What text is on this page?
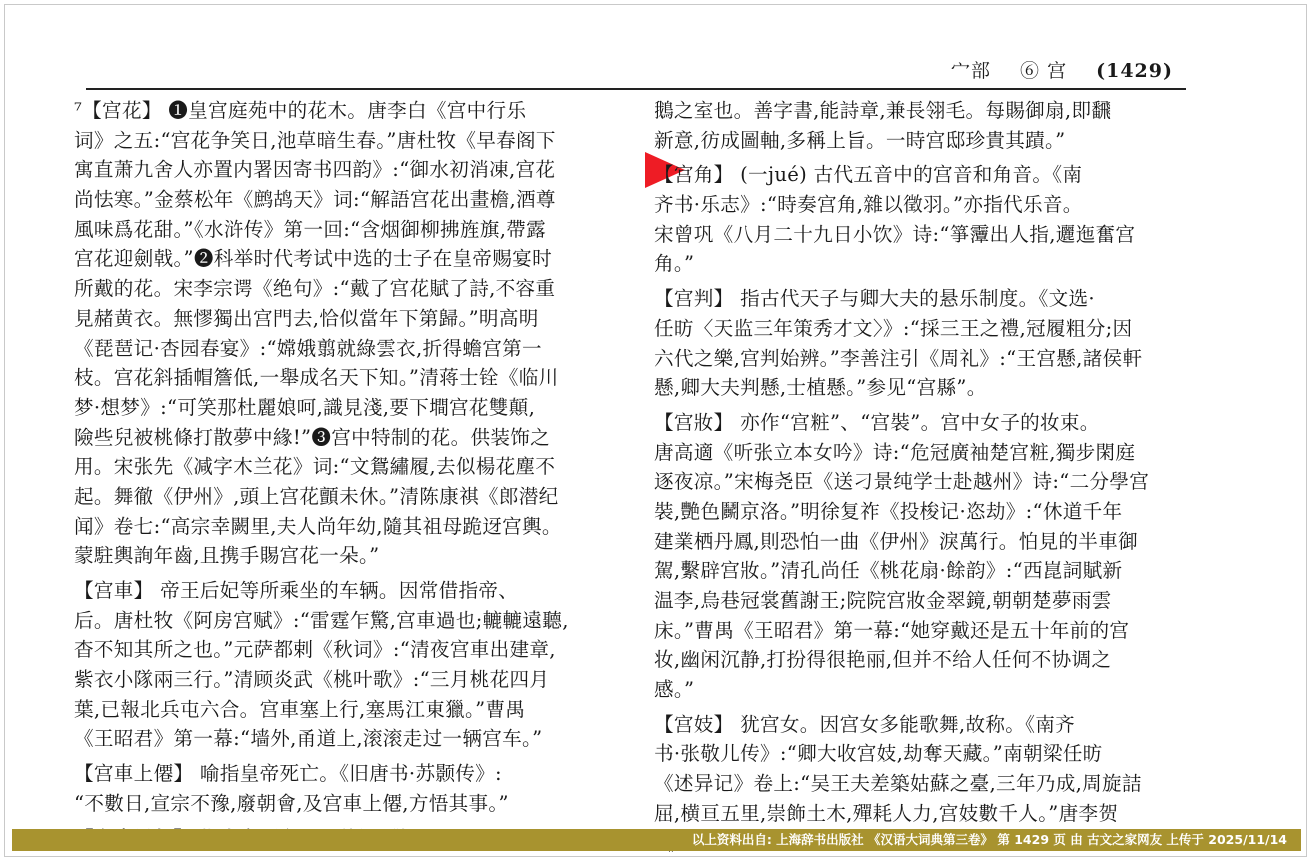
宀部 ⑥ 宫 (1429)
⁷【宫花】 ❶皇宫庭苑中的花木。唐李白《宫中行乐
词》之五:“宫花争笑日,池草暗生春。”唐杜牧《早春阁下
寓直萧九舍人亦置内署因寄书四韵》:“御水初消凍,宫花
尚怯寒。”金蔡松年《鹧鸪天》词:“解語宫花出畫檐,酒尊
風味爲花甜。”《水浒传》第一回:“含烟御柳拂旌旗,帶露
宫花迎劍戟。”❷科举时代考试中选的士子在皇帝赐宴时
所戴的花。宋李宗谔《绝句》:“戴了宫花賦了詩,不容重
見赭黄衣。無憀獨出宫門去,恰似當年下第歸。”明高明
《琵琶记·杏园春宴》:“嫦娥翦就綠雲衣,折得蟾宫第一
枝。宫花斜插帽簷低,一舉成名天下知。”清蒋士铨《临川
梦·想梦》:“可笑那杜麗娘呵,識見淺,要下墹宫花雙顛,
險些兒被桃條打散夢中緣!”❸宫中特制的花。供装饰之
用。宋张先《减字木兰花》词:“文鴛繡履,去似楊花塵不
起。舞徹《伊州》,頭上宫花顫未休。”清陈康祺《郎潜纪
闻》卷七:“高宗幸闕里,夫人尚年幼,隨其祖母跪迓宫輿。
蒙駐輿詢年齒,且携手賜宫花一朵。”
【宫車】 帝王后妃等所乘坐的车辆。因常借指帝、
后。唐杜牧《阿房宫赋》:“雷霆乍驚,宫車過也;轆轆遠聽,
杳不知其所之也。”元萨都剌《秋词》:“清夜宫車出建章,
紫衣小隊兩三行。”清顾炎武《桃叶歌》:“三月桃花四月
葉,已報北兵屯六合。宫車塞上行,塞馬江東獵。”曹禺
《王昭君》第一幕:“墙外,甬道上,滚滚走过一辆宫车。”
【宫車上僊】 喻指皇帝死亡。《旧唐书·苏颢传》:
“不數日,宣宗不豫,廢朝會,及宫車上僊,方悟其事。”
鵝之室也。善字書,能詩章,兼長翎毛。每賜御扇,即飜
新意,彷成圖軸,多稱上旨。一時宫邸珍貴其蹟。”
【宫角】 (一jué) 古代五音中的宫音和角音。《南
齐书·乐志》:“時奏宫角,雜以徵羽。”亦指代乐音。
宋曾巩《八月二十九日小饮》诗:“箏䨵出人指,邐迤奮宫
角。”
【宫判】 指古代天子与卿大夫的悬乐制度。《文选·
任昉〈天监三年策秀才文〉》:“採三王之禮,冠履粗分;因
六代之樂,宫判始辨。”李善注引《周礼》:“王宫懸,諸侯軒
懸,卿大夫判懸,士植懸。”参见“宫縣”。
【宫妝】 亦作“宫粧”、“宫裝”。宫中女子的妆束。
唐高適《听张立本女吟》诗:“危冠廣袖楚宫粧,獨步閑庭
逐夜凉。”宋梅尧臣《送刁景纯学士赴越州》诗:“二分學宫
裝,艷色鬭京洛。”明徐复祚《投梭记·恣劫》:“休道千年
建業栖丹鳳,則恐怕一曲《伊州》淚萬行。怕見的半車御
駕,繫辟宫妝。”清孔尚任《桃花扇·餘韵》:“西崑詞賦新
温李,烏巷冠裳舊謝王;院院宫妝金翠鏡,朝朝楚夢雨雲
床。”曹禺《王昭君》第一幕:“她穿戴还是五十年前的宫
妆,幽闲沉静,打扮得很艳丽,但并不给人任何不协调之
感。”
【宫妓】 犹宫女。因宫女多能歌舞,故称。《南齐
书·张敬儿传》:“卿大收宫妓,劫奪天藏。”南朝梁任昉
《述异记》卷上:“吴王夫差築姑蘇之臺,三年乃成,周旋詰
屈,横亘五里,崇飾土木,殫耗人力,宫妓數千人。”唐李贺
以上资料出自: 上海辞书出版社 《汉语大词典第三卷》 第 1429 页 由 古文之家网友 上传于 2025/11/14
